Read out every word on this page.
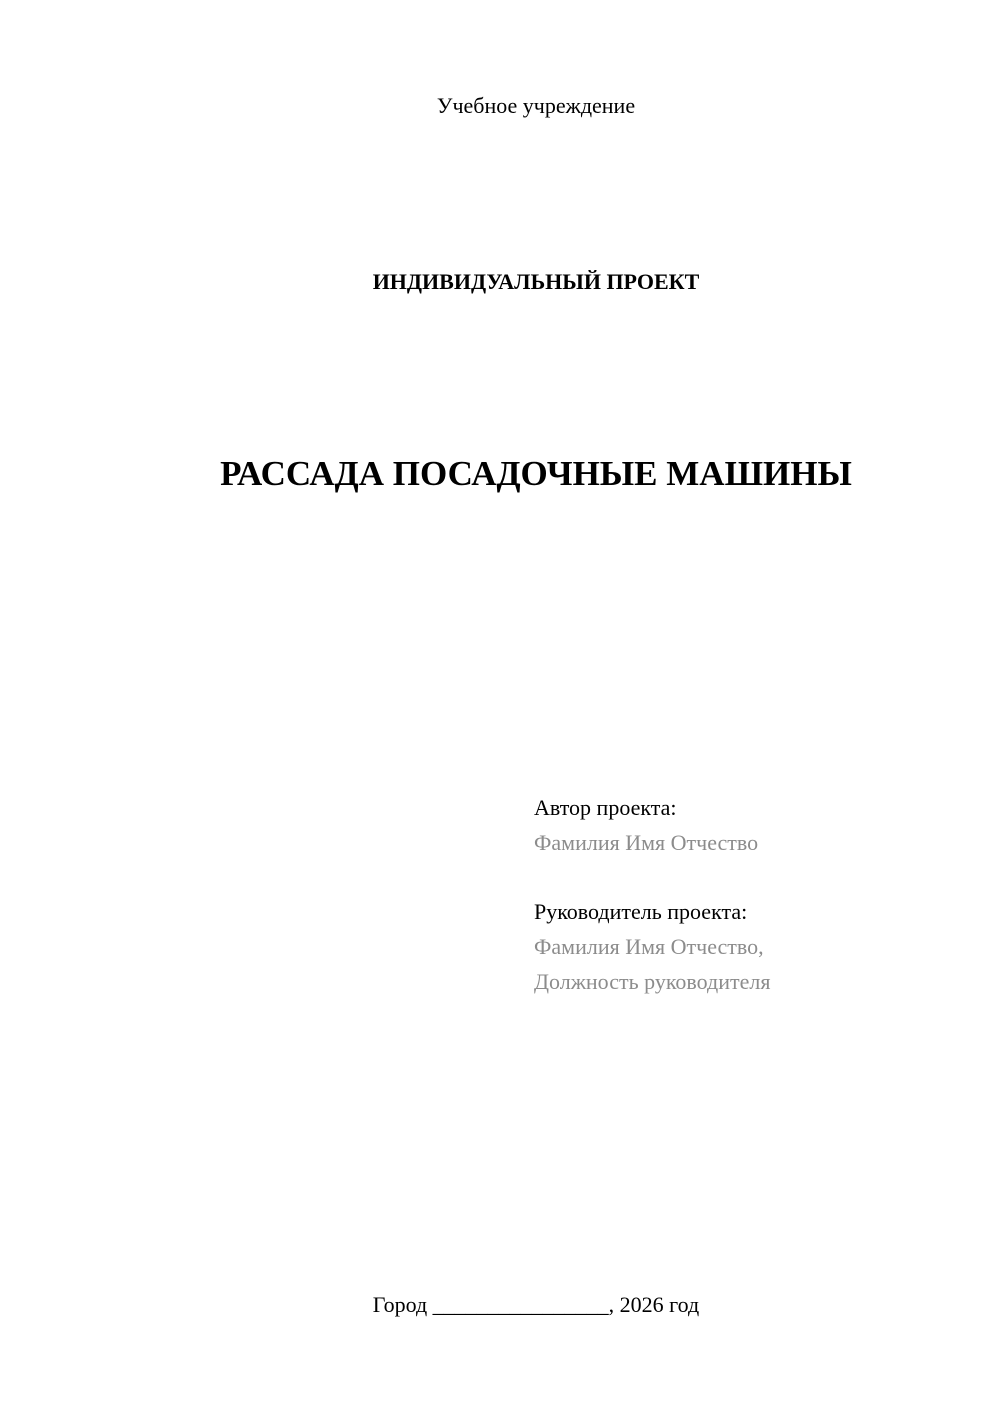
Учебное учреждение
ИНДИВИДУАЛЬНЫЙ ПРОЕКТ
РАССАДА ПОСАДОЧНЫЕ МАШИНЫ
Автор проекта:
Фамилия Имя Отчество
Руководитель проекта:
Фамилия Имя Отчество,
Должность руководителя
Город ________________, 2026 год
